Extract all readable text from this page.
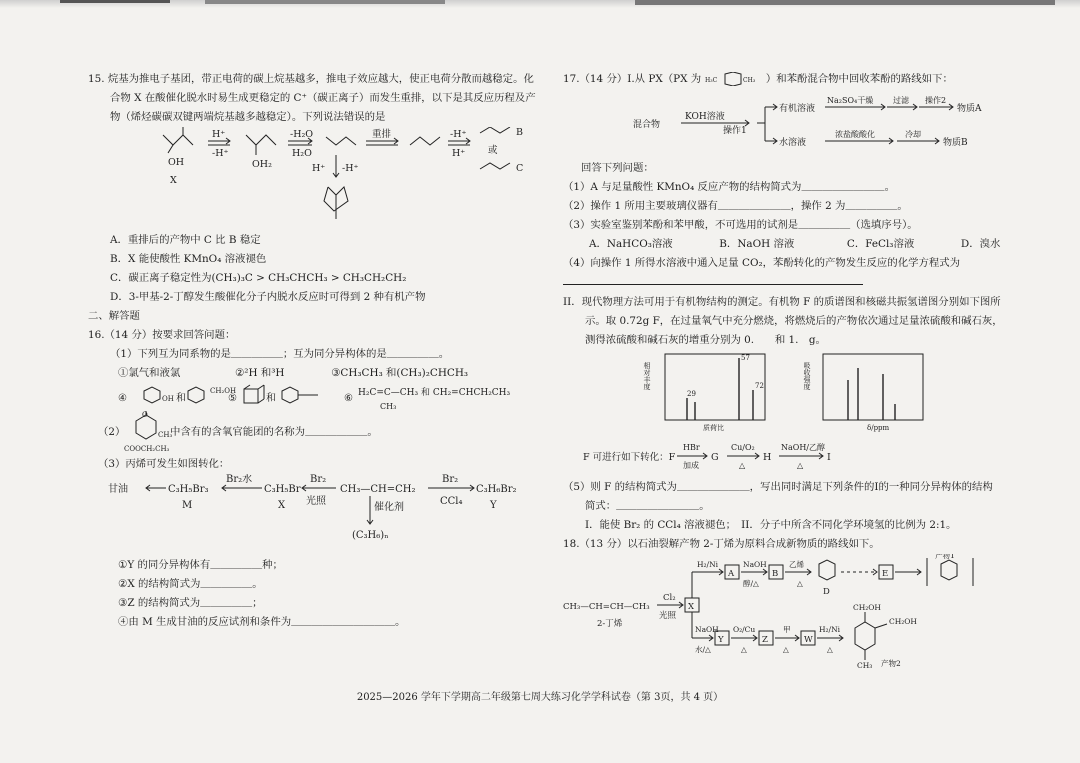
15. 烷基为推电子基团，带正电荷的碳上烷基越多，推电子效应越大，使正电荷分散而越稳定。化
合物 X 在酸催化脱水时易生成更稳定的 C⁺（碳正离子）而发生重排，以下是其反应历程及产
物（烯烃碳碳双键两端烷基越多越稳定）。下列说法错误的是
OH
X
H⁺
-H⁺
OH₂
-H₂O
H₂O
重排	-H⁺
H⁺ 或
B
C
H⁺ -H⁺
A．重排后的产物中 C 比 B 稳定
B．X 能使酸性 KMnO₄ 溶液褪色
C．碳正离子稳定性为(CH₃)₃C > CH₃CHCH₃ > CH₃CH₂CH₂
D．3-甲基-2-丁醇发生酸催化分子内脱水反应时可得到 2 种有机产物
二、解答题
16.（14 分）按要求回答问题：
（1）下列互为同系物的是＿＿＿＿＿；互为同分异构体的是＿＿＿＿＿。
①氯气和液氯	②²H 和³H	③CH₃CH₃ 和(CH₃)₂CHCH₃
④	OH 和
CH₂OH
⑤	和	⑥ H₂C=C—CH₃ 和 CH₂=CHCH₂CH₃
CH₃
（2）
O
CH₃
COOCH₂CH₃
中含有的含氧官能团的名称为＿＿＿＿＿＿。
（3）丙烯可发生如图转化：
甘油	C₃H₅Br₃
M
Br₂水
C₃H₅Br
X
Br₂
光照
CH₃—CH=CH₂
催化剂
Br₂
CCl₄
C₃H₆Br₂
Y
(C₃H₆)ₙ
①Y 的同分异构体有＿＿＿＿＿种；
②X 的结构简式为＿＿＿＿＿。
③Z 的结构简式为＿＿＿＿＿；
④由 M 生成甘油的反应试剂和条件为＿＿＿＿＿＿＿＿＿＿。
17.（14 分）I.从 PX（PX 为 H₃C	CH₃ ）和苯酚混合物中回收苯酚的路线如下：
混合物
KOH溶液
操作1
有机溶液
Na₂SO₄干燥 过滤 操作2
物质A
水溶液
浓盐酸酸化	冷却
物质B
回答下列问题：
（1）A 与足量酸性 KMnO₄ 反应产物的结构简式为＿＿＿＿＿＿＿＿。
（2）操作 1 所用主要玻璃仪器有＿＿＿＿＿＿＿，操作 2 为＿＿＿＿＿。
（3）实验室鉴别苯酚和苯甲酸，不可选用的试剂是＿＿＿＿＿（选填序号）。
A．NaHCO₃溶液	B．NaOH 溶液	C．FeCl₃溶液	D．溴水
（4）向操作 1 所得水溶液中通入足量 CO₂，苯酚转化的产物发生反应的化学方程式为
II．现代物理方法可用于有机物结构的测定。有机物 F 的质谱图和核磁共振氢谱图分别如下图所
示。取 0.72g F，在过量氧气中充分燃烧，将燃烧后的产物依次通过足量浓硫酸和碱石灰，
测得浓硫酸和碱石灰的增重分别为 0.　　和 1.　g。
29
57
72
相对丰度
质荷比
吸收强度
δ/ppm

F 可进行如下转化：F
HBr
加成
G
Cu/O₂
△
H
NaOH/乙醇
△
I
（5）则 F 的结构简式为＿＿＿＿＿＿＿，写出同时满足下列条件的I的一种同分异构体的结构
简式：＿＿＿＿＿＿＿＿。
I．能使 Br₂ 的 CCl₄ 溶液褪色；　II．分子中所含不同化学环境氢的比例为 2:1。
18.（13 分）以石油裂解产物 2-丁烯为原料合成新物质的路线如下。
CH₃—CH=CH—CH₃
2-丁烯
Cl₂
光照
X
H₂/Ni
A
NaOH
醇/△
B
乙烯
△
D
E
产物1
NaOH
水/△
Y
O₂/Cu
△
Z
甲
△
W
H₂/Ni
△
CH₂OH
CH₂OH
CH₃ 产物2
2025—2026 学年下学期高二年级第七周大练习化学学科试卷（第 3页，共 4 页）
